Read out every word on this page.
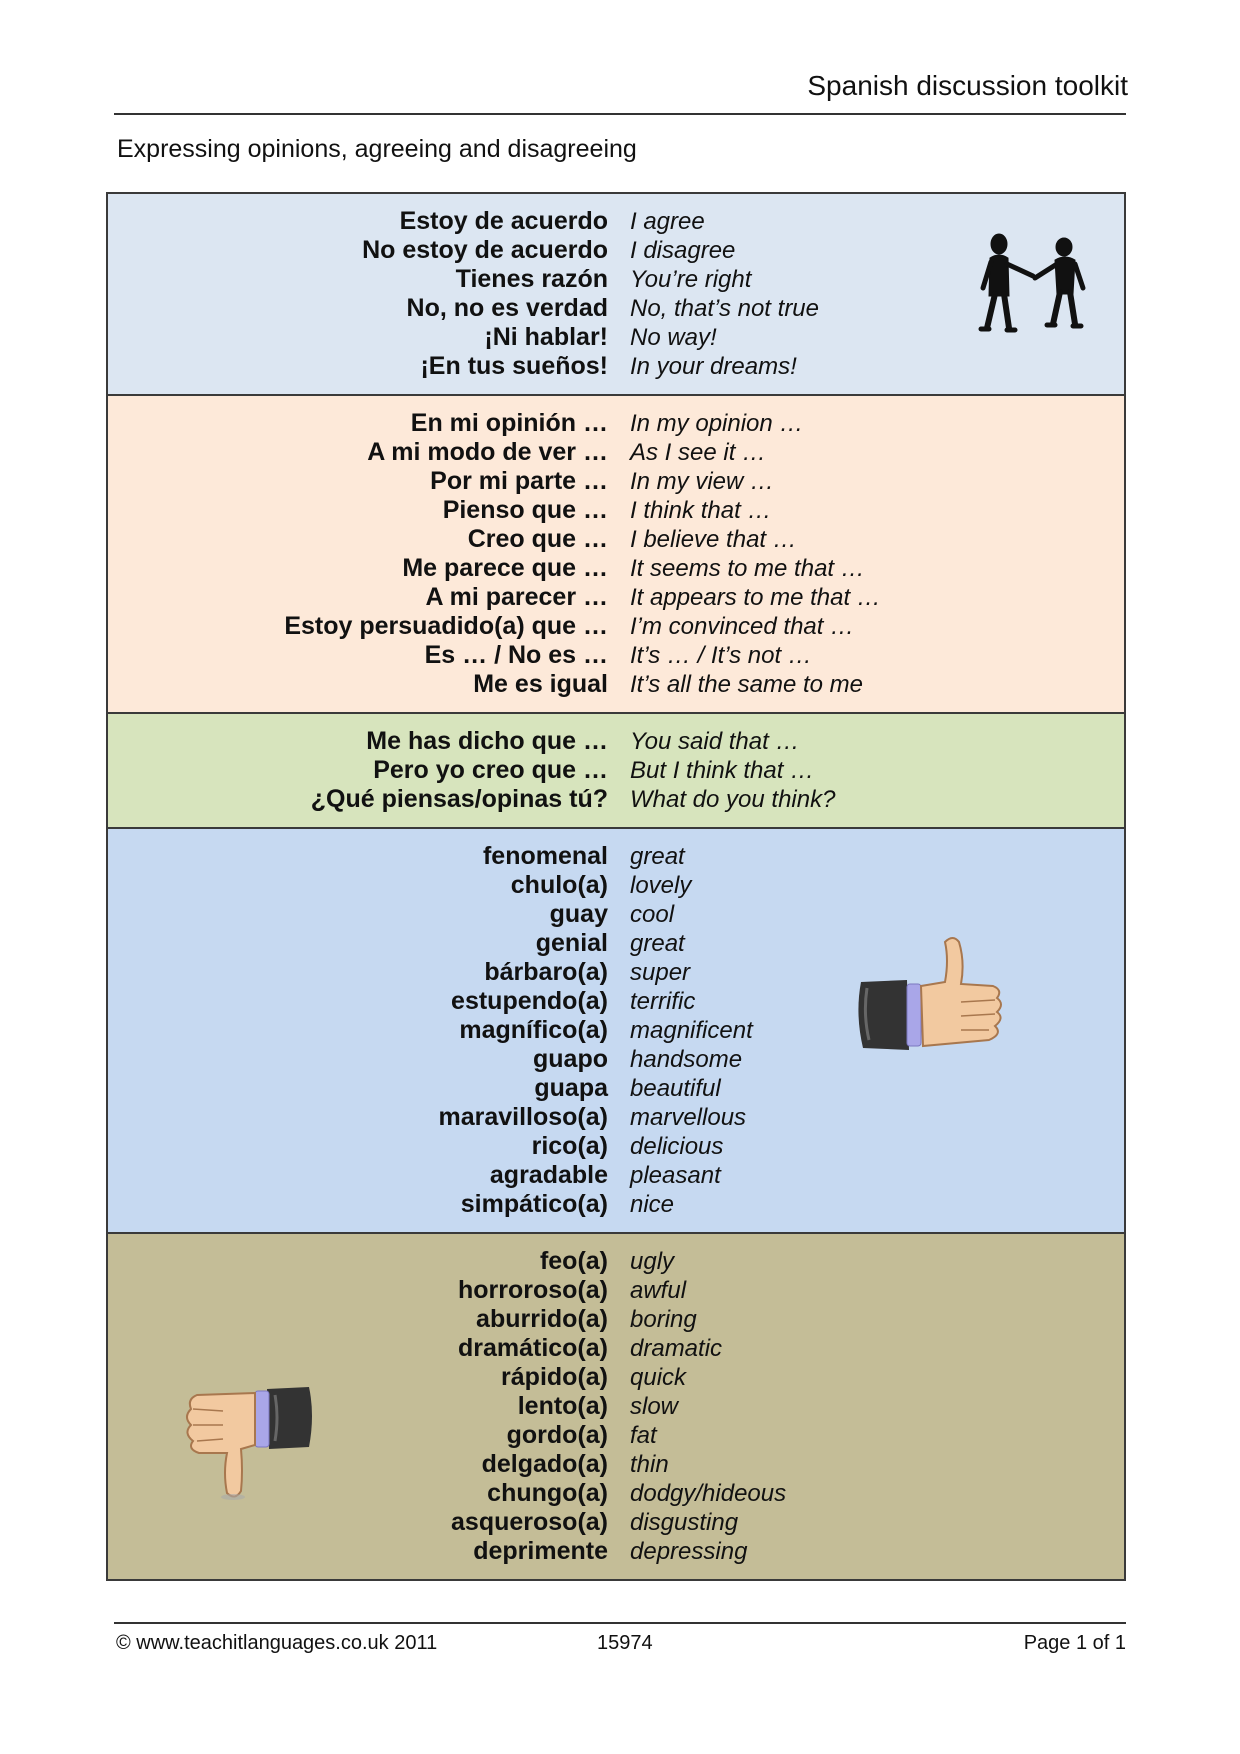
Spanish discussion toolkit
Expressing opinions, agreeing and disagreeing
Estoy de acuerdo I agree
No estoy de acuerdo I disagree
Tienes razón You’re right
No, no es verdad No, that’s not true
¡Ni hablar! No way!
¡En tus sueños! In your dreams!
En mi opinión … In my opinion …
A mi modo de ver … As I see it …
Por mi parte … In my view …
Pienso que … I think that …
Creo que … I believe that …
Me parece que … It seems to me that …
A mi parecer … It appears to me that …
Estoy persuadido(a) que … I’m convinced that …
Es … / No es … It’s … / It’s not …
Me es igual It’s all the same to me
Me has dicho que … You said that …
Pero yo creo que … But I think that …
¿Qué piensas/opinas tú? What do you think?
fenomenal great
chulo(a) lovely
guay cool
genial great
bárbaro(a) super
estupendo(a) terrific
magnífico(a) magnificent
guapo handsome
guapa beautiful
maravilloso(a) marvellous
rico(a) delicious
agradable pleasant
simpático(a) nice
feo(a) ugly
horroroso(a) awful
aburrido(a) boring
dramático(a) dramatic
rápido(a) quick
lento(a) slow
gordo(a) fat
delgado(a) thin
chungo(a) dodgy/hideous
asqueroso(a) disgusting
deprimente depressing
© www.teachitlanguages.co.uk 2011	15974	Page 1 of 1
